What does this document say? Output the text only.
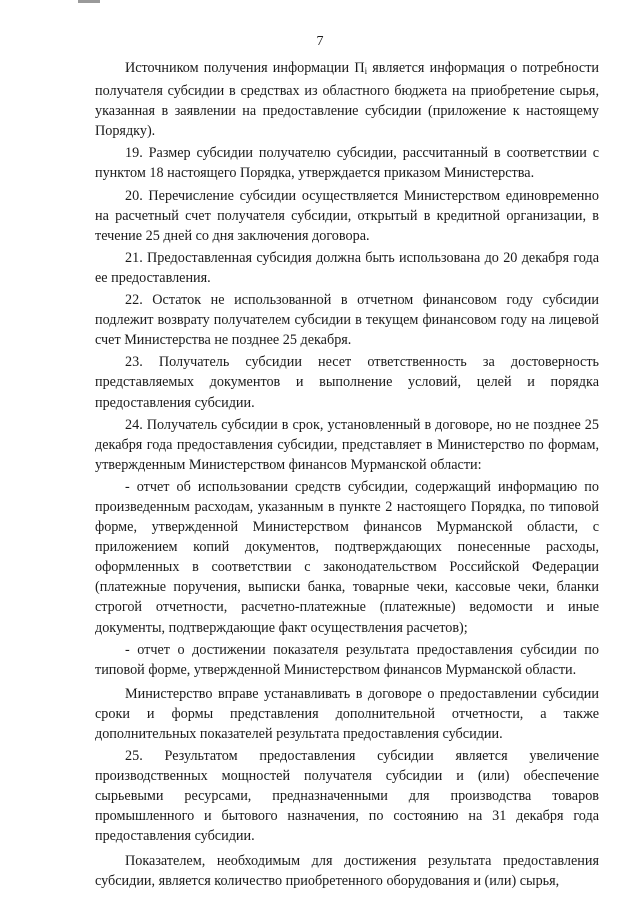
7

Источником получения информации $П_i$ является информация о потребности получателя субсидии в средствах из областного бюджета на приобретение сырья, указанная в заявлении на предоставление субсидии (приложение к настоящему Порядку).

19. Размер субсидии получателю субсидии, рассчитанный в соответствии с пунктом 18 настоящего Порядка, утверждается приказом Министерства.

20. Перечисление субсидии осуществляется Министерством единовременно на расчетный счет получателя субсидии, открытый в кредитной организации, в течение 25 дней со дня заключения договора.

21. Предоставленная субсидия должна быть использована до 20 декабря года ее предоставления.

22. Остаток не использованной в отчетном финансовом году субсидии подлежит возврату получателем субсидии в текущем финансовом году на лицевой счет Министерства не позднее 25 декабря.

23. Получатель субсидии несет ответственность за достоверность представляемых документов и выполнение условий, целей и порядка предоставления субсидии.

24. Получатель субсидии в срок, установленный в договоре, но не позднее 25 декабря года предоставления субсидии, представляет в Министерство по формам, утвержденным Министерством финансов Мурманской области:

- отчет об использовании средств субсидии, содержащий информацию по произведенным расходам, указанным в пункте 2 настоящего Порядка, по типовой форме, утвержденной Министерством финансов Мурманской области, с приложением копий документов, подтверждающих понесенные расходы, оформленных в соответствии с законодательством Российской Федерации (платежные поручения, выписки банка, товарные чеки, кассовые чеки, бланки строгой отчетности, расчетно-платежные (платежные) ведомости и иные документы, подтверждающие факт осуществления расчетов);

- отчет о достижении показателя результата предоставления субсидии по типовой форме, утвержденной Министерством финансов Мурманской области.

Министерство вправе устанавливать в договоре о предоставлении субсидии сроки и формы представления дополнительной отчетности, а также дополнительных показателей результата предоставления субсидии.

25. Результатом предоставления субсидии является увеличение производственных мощностей получателя субсидии и (или) обеспечение сырьевыми ресурсами, предназначенными для производства товаров промышленного и бытового назначения, по состоянию на 31 декабря года предоставления субсидии.

Показателем, необходимым для достижения результата предоставления субсидии, является количество приобретенного оборудования и (или) сырья,
